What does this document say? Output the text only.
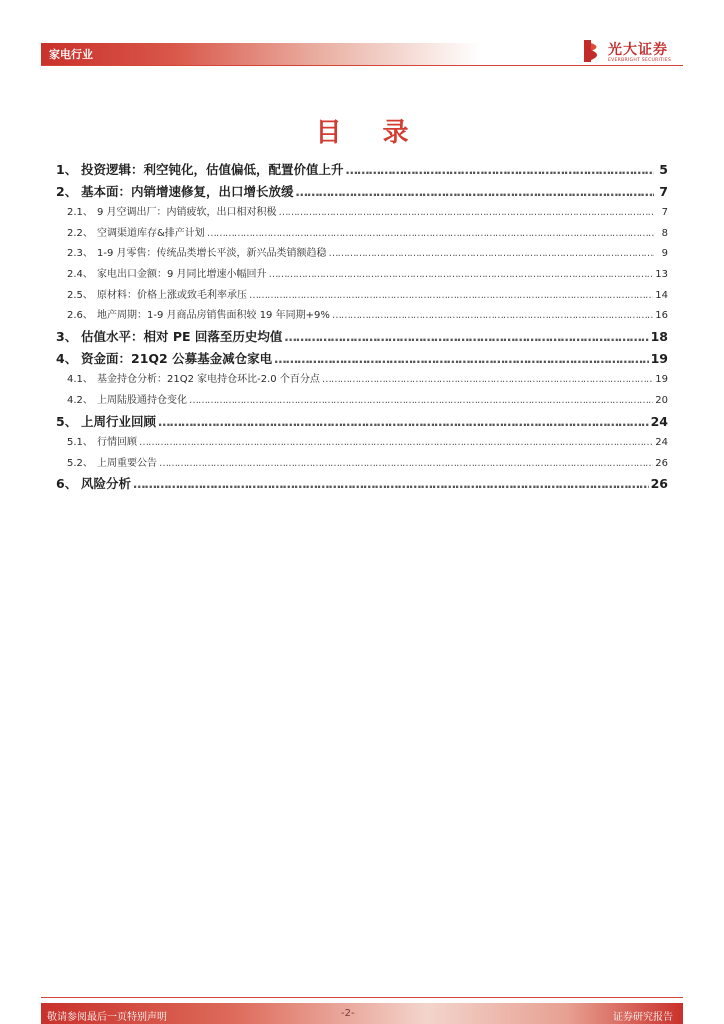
家电行业	光大证券
EVERBRIGHT SECURITIES
目 录
1、 投资逻辑：利空钝化，估值偏低，配置价值上升 …………………………………………………………………………………………………………………………………………………………………………………………………………………………………………………………………	5
2、 基本面：内销增速修复，出口增长放缓 …………………………………………………………………………………………………………………………………………………………………………………………………………………………………………………………………	7
2.1、 9 月空调出厂：内销疲软，出口相对积极 …………………………………………………………………………………………………………………………………………………………………………………………………………………………………………………………………	7
2.2、 空调渠道库存&排产计划 …………………………………………………………………………………………………………………………………………………………………………………………………………………………………………………………………	8
2.3、 1-9 月零售：传统品类增长平淡，新兴品类销额趋稳 …………………………………………………………………………………………………………………………………………………………………………………………………………………………………………………………………	9
2.4、 家电出口金额：9 月同比增速小幅回升 …………………………………………………………………………………………………………………………………………………………………………………………………………………………………………………………………	13
2.5、 原材料：价格上涨或致毛利率承压 …………………………………………………………………………………………………………………………………………………………………………………………………………………………………………………………………	14
2.6、 地产周期：1-9 月商品房销售面积较 19 年同期+9% …………………………………………………………………………………………………………………………………………………………………………………………………………………………………………………………………	16
3、 估值水平：相对 PE 回落至历史均值 …………………………………………………………………………………………………………………………………………………………………………………………………………………………………………………………………	18
4、 资金面：21Q2 公募基金减仓家电 …………………………………………………………………………………………………………………………………………………………………………………………………………………………………………………………………	19
4.1、 基金持仓分析：21Q2 家电持仓环比-2.0 个百分点 …………………………………………………………………………………………………………………………………………………………………………………………………………………………………………………………………	19
4.2、 上周陆股通持仓变化 …………………………………………………………………………………………………………………………………………………………………………………………………………………………………………………………………	20
5、 上周行业回顾 …………………………………………………………………………………………………………………………………………………………………………………………………………………………………………………………………	24
5.1、 行情回顾 …………………………………………………………………………………………………………………………………………………………………………………………………………………………………………………………………	24
5.2、 上周重要公告 …………………………………………………………………………………………………………………………………………………………………………………………………………………………………………………………………	26
6、 风险分析 …………………………………………………………………………………………………………………………………………………………………………………………………………………………………………………………………	26
敬请参阅最后一页特别声明	-2-	证券研究报告
